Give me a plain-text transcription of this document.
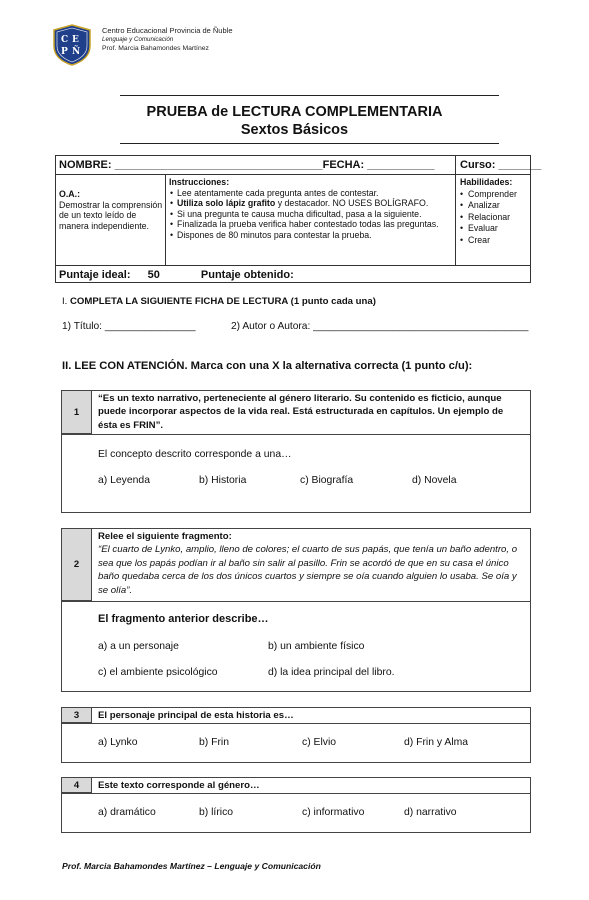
C E
P Ñ
Centro Educacional Provincia de Ñuble
Lenguaje y Comunicación
Prof. Marcia Bahamondes Martínez
PRUEBA de LECTURA COMPLEMENTARIA
Sextos Básicos
NOMBRE: __________________________________FECHA: ___________ Curso: _______
O.A.:
Demostrar la comprensión de un texto leído de manera independiente.
Instrucciones:
• Lee atentamente cada pregunta antes de contestar.
• Utiliza solo lápiz grafito y destacador. NO USES BOLÍGRAFO.
• Si una pregunta te causa mucha dificultad, pasa a la siguiente.
• Finalizada la prueba verifica haber contestado todas las preguntas.
• Dispones de 80 minutos para contestar la prueba.
Habilidades:
• Comprender
• Analizar
• Relacionar
• Evaluar
• Crear
Puntaje ideal: 50	Puntaje obtenido:
I. COMPLETA LA SIGUIENTE FICHA DE LECTURA (1 punto cada una)
1) Título: ________________	2) Autor o Autora: ______________________________________
II. LEE CON ATENCIÓN. Marca con una X la alternativa correcta (1 punto c/u):
1
“Es un texto narrativo, perteneciente al género literario. Su contenido es ficticio, aunque puede incorporar aspectos de la vida real. Está estructurada en capítulos. Un ejemplo de ésta es FRIN”.
El concepto descrito corresponde a una…
a) Leyenda	b) Historia	c) Biografía	d) Novela
2
Relee el siguiente fragmento:
“El cuarto de Lynko, amplio, lleno de colores; el cuarto de sus papás, que tenía un baño adentro, o sea que los papás podían ir al baño sin salir al pasillo. Frin se acordó de que en su casa el único baño quedaba cerca de los dos únicos cuartos y siempre se oía cuando alguien lo usaba. Se oía y se olía”.
El fragmento anterior describe…
a) a un personaje	b) un ambiente físico
c) el ambiente psicológico	d) la idea principal del libro.
3	El personaje principal de esta historia es…
a) Lynko	b) Frin	c) Elvio	d) Frin y Alma
4	Este texto corresponde al género…
a) dramático	b) lírico	c) informativo	d) narrativo
Prof. Marcia Bahamondes Martínez – Lenguaje y Comunicación
